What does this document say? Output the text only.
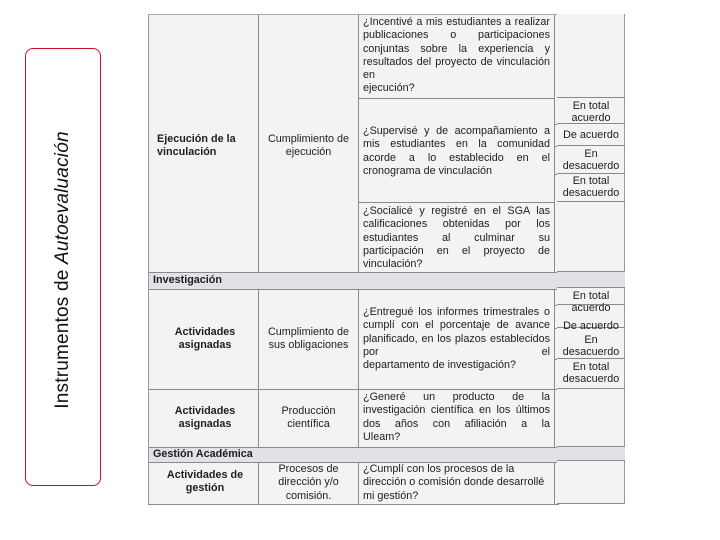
Instrumentos de Autoevaluación	Ejecución de la vinculación
Cumplimiento de ejecución
¿Incentivé a mis estudiantes a realizar publicaciones o participaciones conjuntas sobre la experiencia y resultados del proyecto de vinculación en
ejecución?
¿Supervisé y de acompañamiento a mis estudiantes en la comunidad acorde a lo establecido en el
cronograma de vinculación
¿Socialicé y registré en el SGA las calificaciones obtenidas por los estudiantes al culminar su participación en el proyecto de
vinculación?
Investigación
Actividades asignadas
Cumplimiento de sus obligaciones
¿Entregué los informes trimestrales o cumplí con el porcentaje de avance planificado, en los plazos establecidos por el
departamento de investigación?
Actividades asignadas
Producción científica
¿Generé un producto de la investigación científica en los últimos dos años con afiliación a la
Uleam?
Gestión Académica
Actividades de gestión
Procesos de dirección y/o comisión.
¿Cumplí con los procesos de la dirección o comisión donde desarrollé mi gestión?
En total acuerdo
De acuerdo
En desacuerdo
En total desacuerdo
En total acuerdo
De acuerdo
En desacuerdo
En total desacuerdo
